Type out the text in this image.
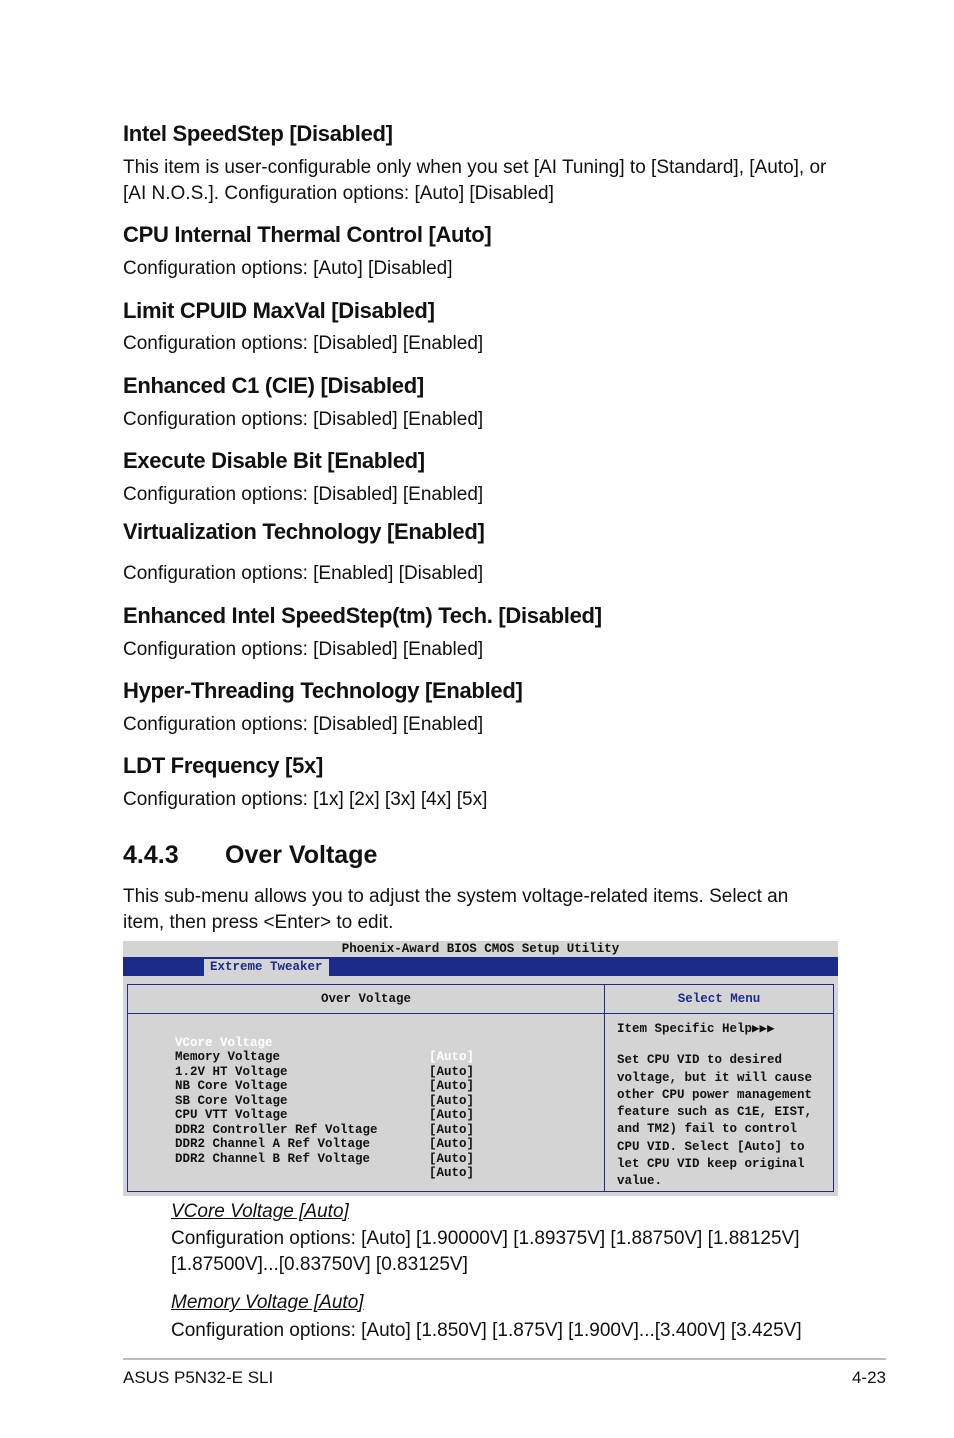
Intel SpeedStep [Disabled]
This item is user-configurable only when you set [AI Tuning] to [Standard], [Auto], or [AI N.O.S.]. Configuration options: [Auto] [Disabled]
CPU Internal Thermal Control [Auto]
Configuration options: [Auto] [Disabled]
Limit CPUID MaxVal [Disabled]
Configuration options: [Disabled] [Enabled]
Enhanced C1 (CIE) [Disabled]
Configuration options: [Disabled] [Enabled]
Execute Disable Bit [Enabled]
Configuration options: [Disabled] [Enabled]
Virtualization Technology [Enabled]
Configuration options: [Enabled] [Disabled]
Enhanced Intel SpeedStep(tm) Tech. [Disabled]
Configuration options: [Disabled] [Enabled]
Hyper-Threading Technology [Enabled]
Configuration options: [Disabled] [Enabled]
LDT Frequency [5x]
Configuration options: [1x] [2x] [3x] [4x] [5x]
4.4.3 Over Voltage
This sub-menu allows you to adjust the system voltage-related items. Select an item, then press <Enter> to edit.
Phoenix-Award BIOS CMOS Setup Utility
Extreme Tweaker
Over Voltage	Select Menu

VCore Voltage

[Auto]

Memory Voltage

[Auto]

1.2V HT Voltage

[Auto]

NB Core Voltage

[Auto]

SB Core Voltage

[Auto]

CPU VTT Voltage

[Auto]

DDR2 Controller Ref Voltage

[Auto]

DDR2 Channel A Ref Voltage

[Auto]

DDR2 Channel B Ref Voltage

[Auto]

Item Specific Help▶▶▶
Set CPU VID to desired voltage, but it will cause other CPU power management feature such as C1E, EIST, and TM2) fail to control CPU VID. Select [Auto] to let CPU VID keep original value.
VCore Voltage [Auto]
Configuration options: [Auto] [1.90000V] [1.89375V] [1.88750V] [1.88125V] [1.87500V]...[0.83750V] [0.83125V]
Memory Voltage [Auto]
Configuration options: [Auto] [1.850V] [1.875V] [1.900V]...[3.400V] [3.425V]
ASUS P5N32-E SLI	4-23
